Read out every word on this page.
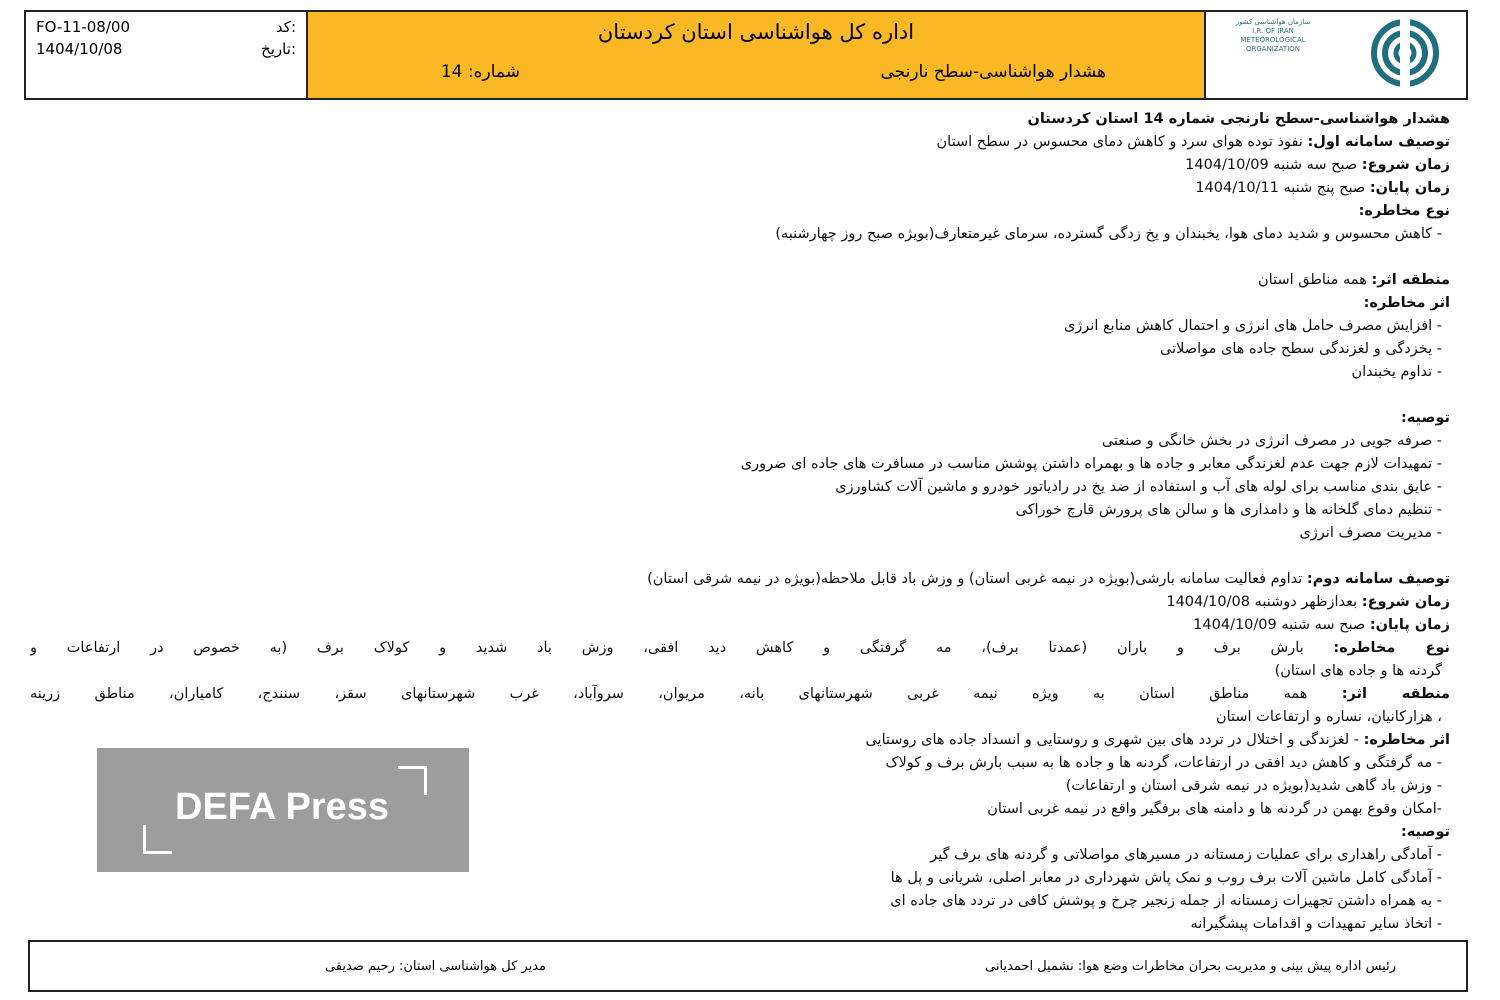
FO-11-08/00	کد:
1404/10/08	تاریخ:
اداره کل هواشناسی استان کردستان
هشدار هواشناسی-سطح نارنجی
شماره: 14
سازمان هواشناسی کشور
I.R. OF IRAN
METEOROLOGICAL
ORGANIZATION
هشدار هواشناسی-سطح نارنجی شماره 14 استان کردستان
توصیف سامانه اول: نفوذ توده هوای سرد و کاهش دمای محسوس در سطح استان
زمان شروع: صبح سه شنبه 1404/10/09
زمان پایان: صبح پنج شنبه 1404/10/11
نوع مخاطره:
- کاهش محسوس و شدید دمای هوا، یخبندان و یخ زدگی گسترده، سرمای غیرمتعارف(بویژه صبح روز چهارشنبه)
منطقه اثر: همه مناطق استان
اثر مخاطره:
- افزایش مصرف حامل های انرژی و احتمال کاهش منابع انرژی
- یخزدگی و لغزندگی سطح جاده های مواصلاتی
- تداوم یخبندان
توصیه:
- صرفه جویی در مصرف انرژی در بخش خانگی و صنعتی
- تمهیدات لازم جهت عدم لغزندگی معابر و جاده ها و بهمراه داشتن پوشش مناسب در مسافرت های جاده ای ضروری
- عایق بندی مناسب برای لوله های آب و استفاده از ضد یخ در رادیاتور خودرو و ماشین آلات کشاورزی
- تنظیم دمای گلخانه ها و دامداری ها و سالن های پرورش قارچ خوراکی
- مدیریت مصرف انرژی
توصیف سامانه دوم: تداوم فعالیت سامانه بارشی(بویژه در نیمه غربی استان) و وزش باد قابل ملاحظه(بویژه در نیمه شرقی استان)
زمان شروع: بعدازظهر دوشنبه 1404/10/08
زمان پایان: صبح سه شنبه 1404/10/09
نوع مخاطره: بارش برف و باران (عمدتا برف)، مه گرفتگی و کاهش دید افقی، وزش باد شدید و کولاک برف (به خصوص در ارتفاعات و
گردنه ها و جاده های استان)
منطقه اثر: همه مناطق استان به ویژه نیمه غربی شهرستانهای بانه، مریوان، سروآباد، غرب شهرستانهای سقز، سنندج، کامیاران، مناطق زرینه
، هزارکانیان، نساره و ارتفاعات استان
اثر مخاطره: - لغزندگی و اختلال در تردد های بین شهری و روستایی و انسداد جاده های روستایی
- مه گرفتگی و کاهش دید افقی در ارتفاعات، گردنه ها و جاده ها به سبب بارش برف و کولاک
- وزش باد گاهی شدید(بویژه در نیمه شرقی استان و ارتفاعات)
-امکان وقوع بهمن در گردنه ها و دامنه های برفگیر واقع در نیمه غربی استان
توصیه:
- آمادگی راهداری برای عملیات زمستانه در مسیرهای مواصلاتی و گردنه های برف گیر
- آمادگی کامل ماشین آلات برف روب و نمک پاش شهرداری در معابر اصلی، شریانی و پل ها
- به همراه داشتن تجهیزات زمستانه از جمله زنجیر چرخ و پوشش کافی در تردد های جاده ای
- اتخاذ سایر تمهیدات و اقدامات پیشگیرانه
DEFA Press
رئیس اداره پیش بینی و مدیریت بحران مخاطرات وضع هوا: نشمیل احمدیانی
مدیر کل هواشناسی استان: رحیم صدیقی
